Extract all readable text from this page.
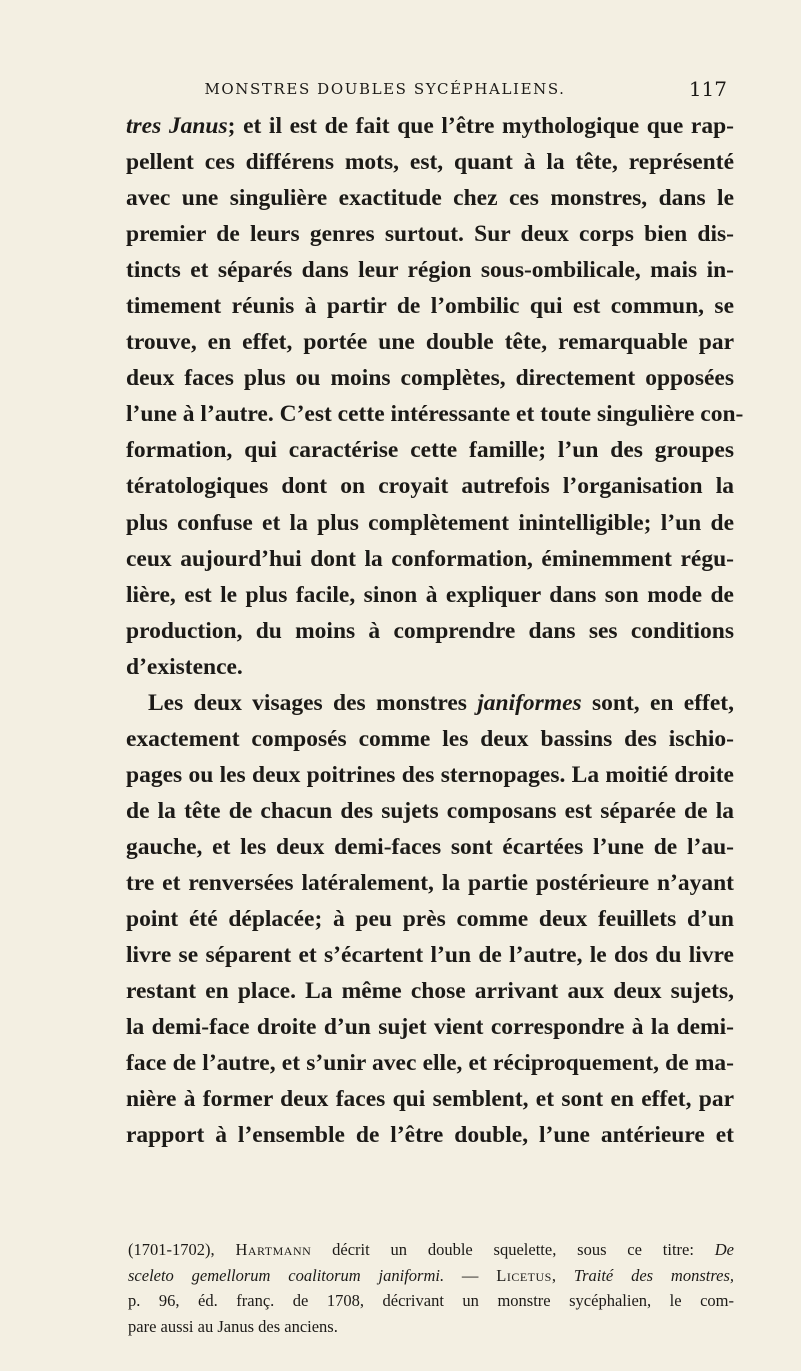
MONSTRES DOUBLES SYCÉPHALIENS.	117
tres Janus; et il est de fait que l’être mythologique que rap-
pellent ces différens mots, est, quant à la tête, représenté
avec une singulière exactitude chez ces monstres, dans le
premier de leurs genres surtout. Sur deux corps bien dis-
tincts et séparés dans leur région sous-ombilicale, mais in-
timement réunis à partir de l’ombilic qui est commun, se
trouve, en effet, portée une double tête, remarquable par
deux faces plus ou moins complètes, directement opposées
l’une à l’autre. C’est cette intéressante et toute singulière con-
formation, qui caractérise cette famille; l’un des groupes
tératologiques dont on croyait autrefois l’organisation la
plus confuse et la plus complètement inintelligible; l’un de
ceux aujourd’hui dont la conformation, éminemment régu-
lière, est le plus facile, sinon à expliquer dans son mode de
production, du moins à comprendre dans ses conditions
d’existence.
Les deux visages des monstres janiformes sont, en effet,
exactement composés comme les deux bassins des ischio-
pages ou les deux poitrines des sternopages. La moitié droite
de la tête de chacun des sujets composans est séparée de la
gauche, et les deux demi-faces sont écartées l’une de l’au-
tre et renversées latéralement, la partie postérieure n’ayant
point été déplacée; à peu près comme deux feuillets d’un
livre se séparent et s’écartent l’un de l’autre, le dos du livre
restant en place. La même chose arrivant aux deux sujets,
la demi-face droite d’un sujet vient correspondre à la demi-
face de l’autre, et s’unir avec elle, et réciproquement, de ma-
nière à former deux faces qui semblent, et sont en effet, par
rapport à l’ensemble de l’être double, l’une antérieure et
(1701-1702), Hartmann décrit un double squelette, sous ce titre: De
sceleto gemellorum coalitorum janiformi. — Licetus, Traité des monstres,
p. 96, éd. franç. de 1708, décrivant un monstre sycéphalien, le com-
pare aussi au Janus des anciens.
